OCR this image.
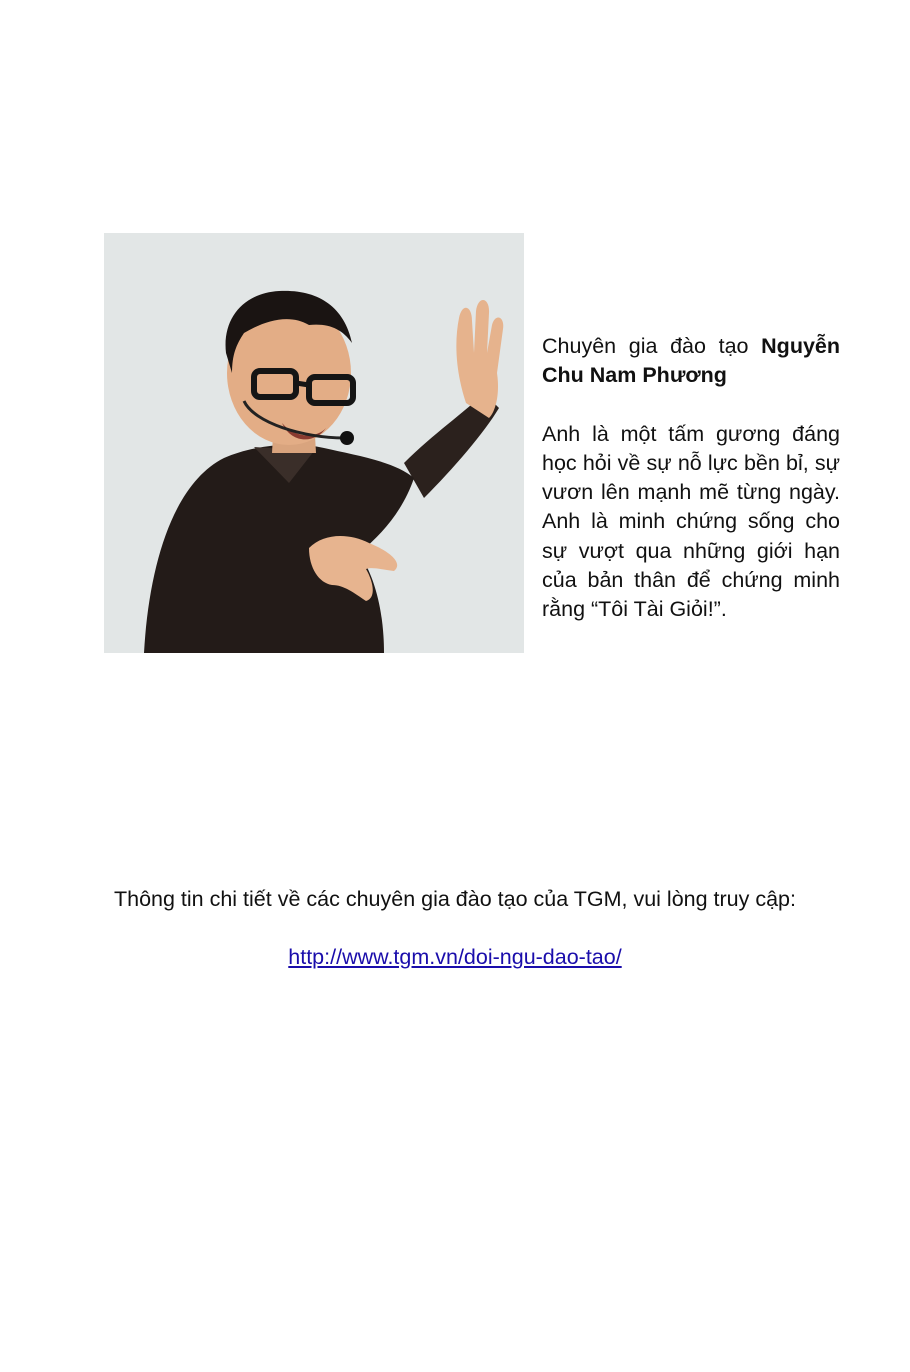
Chuyên gia đào tạo Nguyễn Chu Nam Phương

Anh là một tấm gương đáng học hỏi về sự nỗ lực bền bỉ, sự vươn lên mạnh mẽ từng ngày. Anh là minh chứng sống cho sự vượt qua những giới hạn của bản thân để chứng minh rằng “Tôi Tài Giỏi!”.

Thông tin chi tiết về các chuyên gia đào tạo của TGM, vui lòng truy cập:

http://www.tgm.vn/doi-ngu-dao-tao/
